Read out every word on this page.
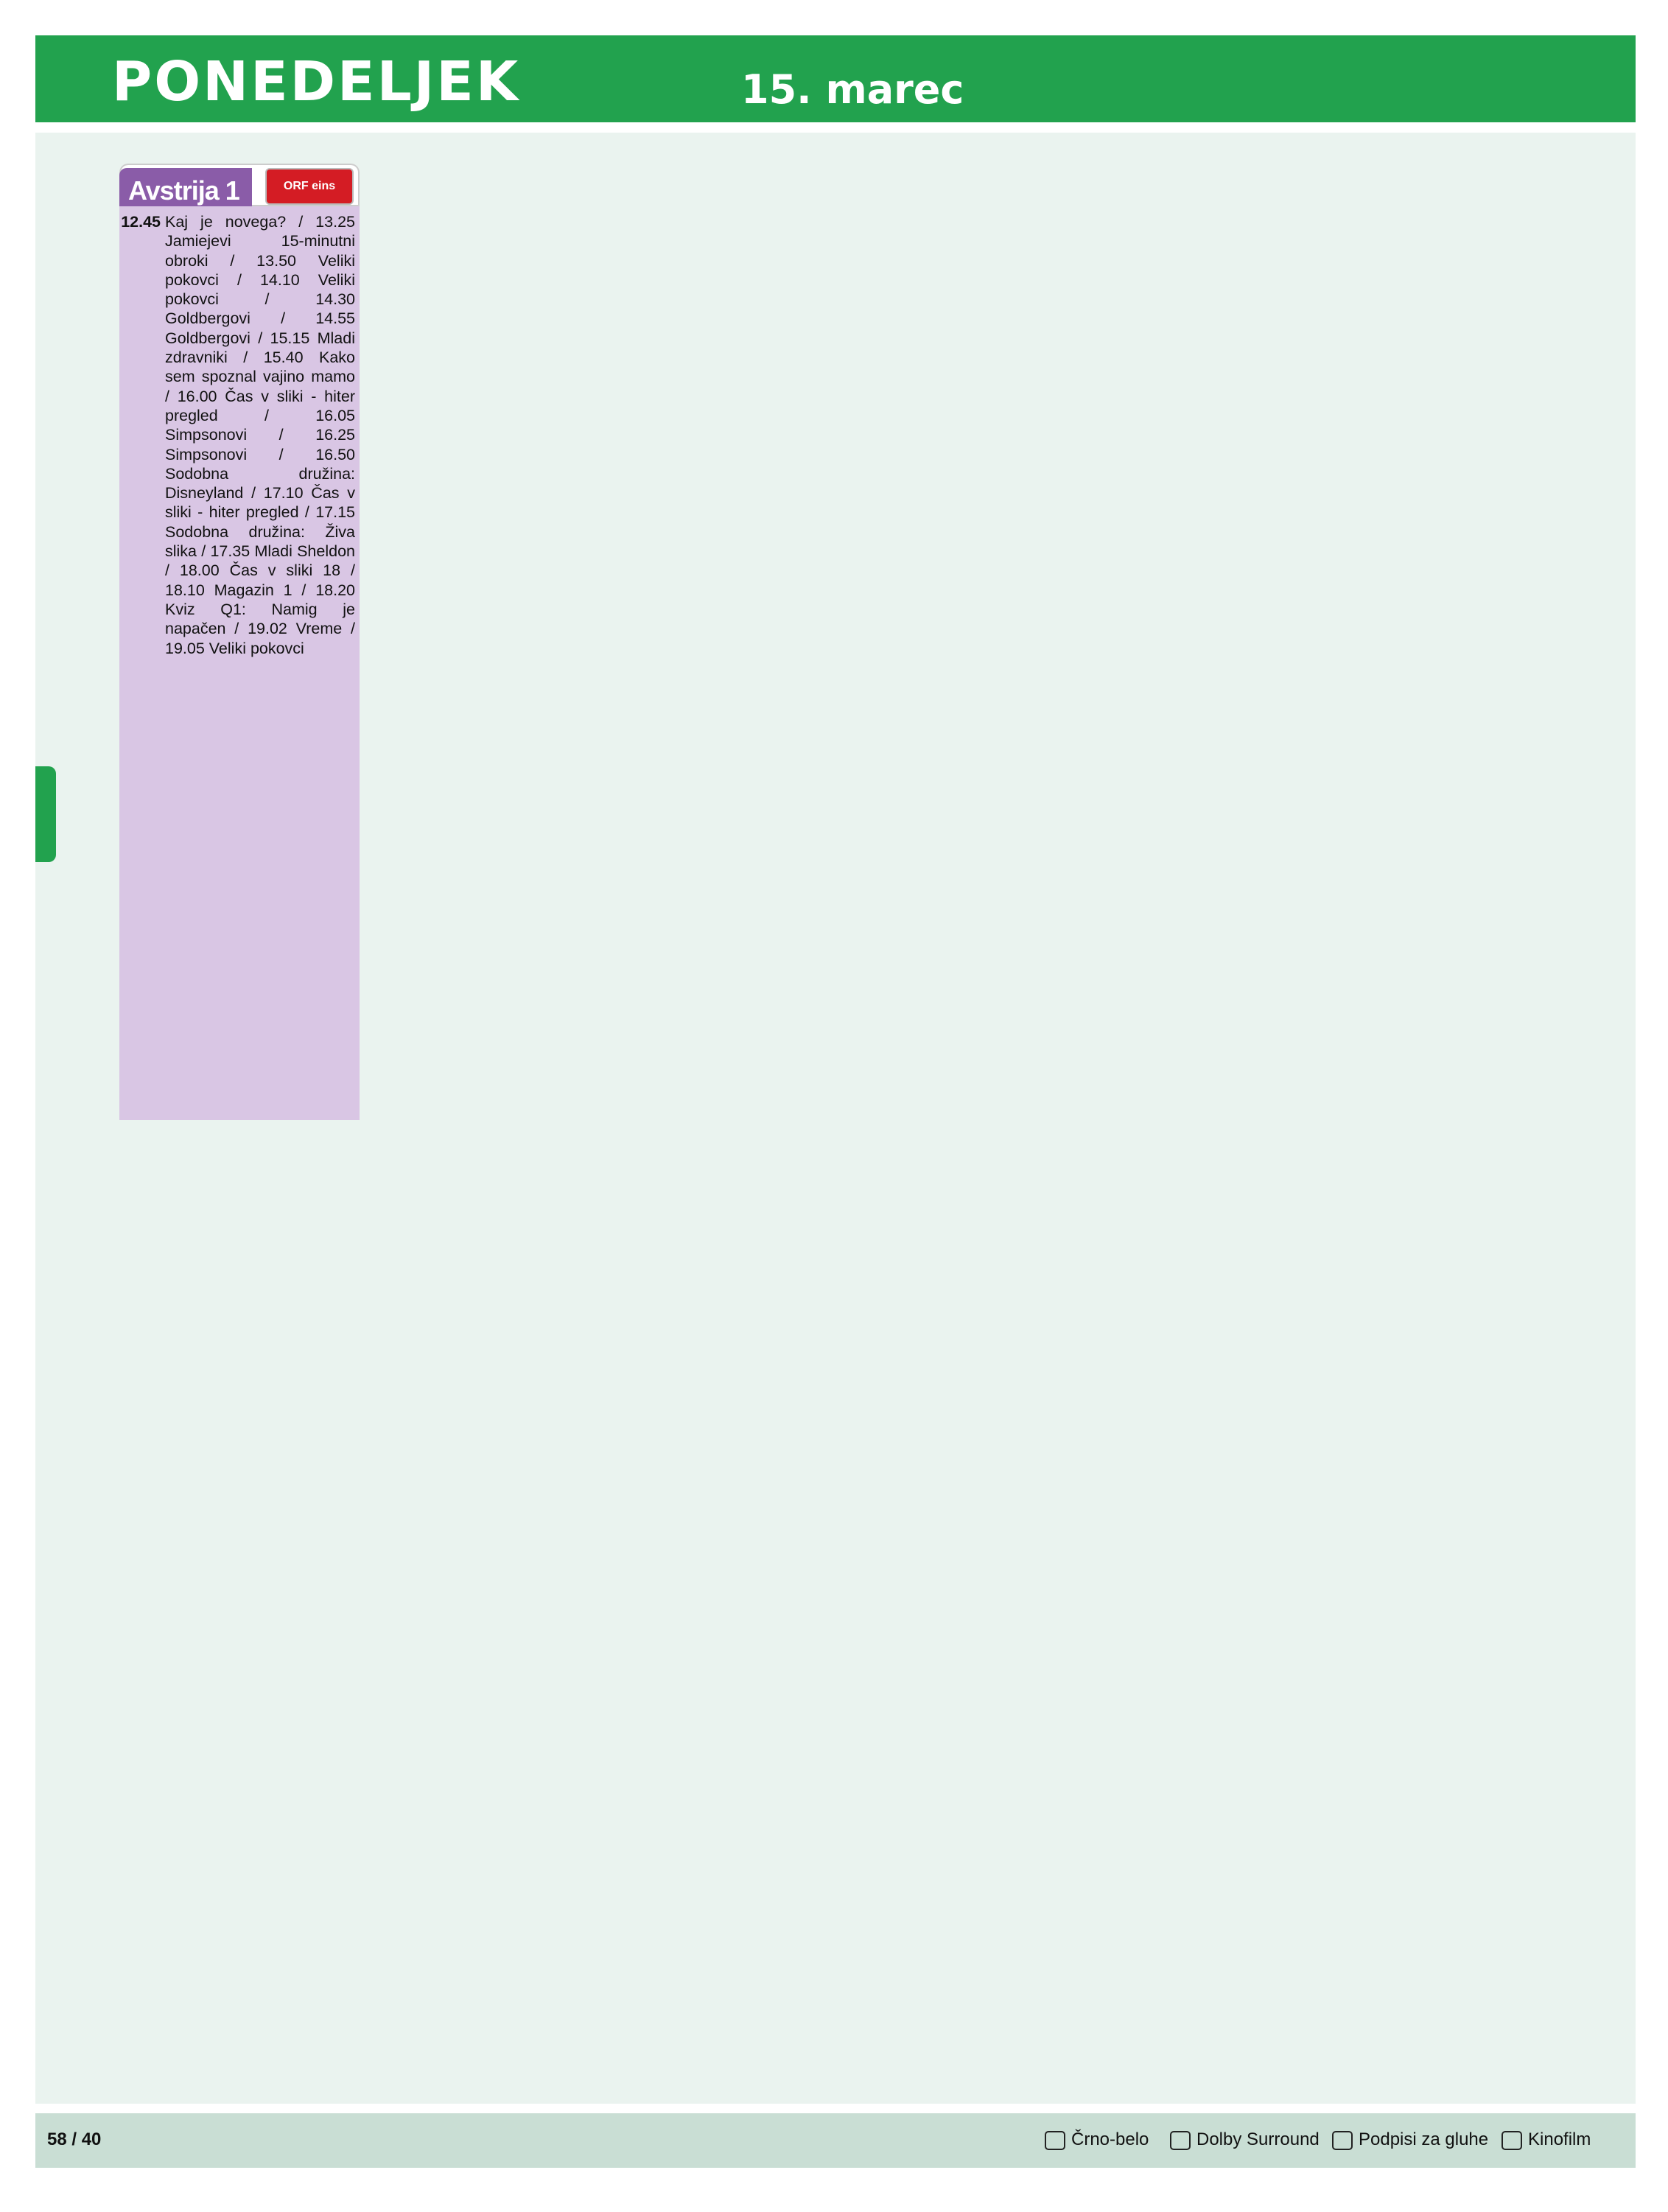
PONEDELJEK	15. marec
Avstrija 1	ORF eins
12.45 Kaj je novega? / 13.25 Jamiejevi 15-minutni obroki / 13.50 Veliki pokovci / 14.10 Veliki pokovci / 14.30 Goldbergovi / 14.55 Goldbergovi / 15.15 Mladi zdravniki / 15.40 Kako sem spoznal vajino mamo / 16.00 Čas v sliki - hiter pregled / 16.05 Simpsonovi / 16.25 Simpsonovi / 16.50 Sodobna družina: Disneyland / 17.10 Čas v sliki - hiter pregled / 17.15 Sodobna družina: Živa slika / 17.35 Mladi Sheldon / 18.00 Čas v sliki 18 / 18.10 Magazin 1 / 18.20 Kviz Q1: Namig je napačen / 19.02 Vreme / 19.05 Veliki pokovci
58 / 40	Črno-belo	Dolby Surround	Podpisi za gluhe	Kinofilm
